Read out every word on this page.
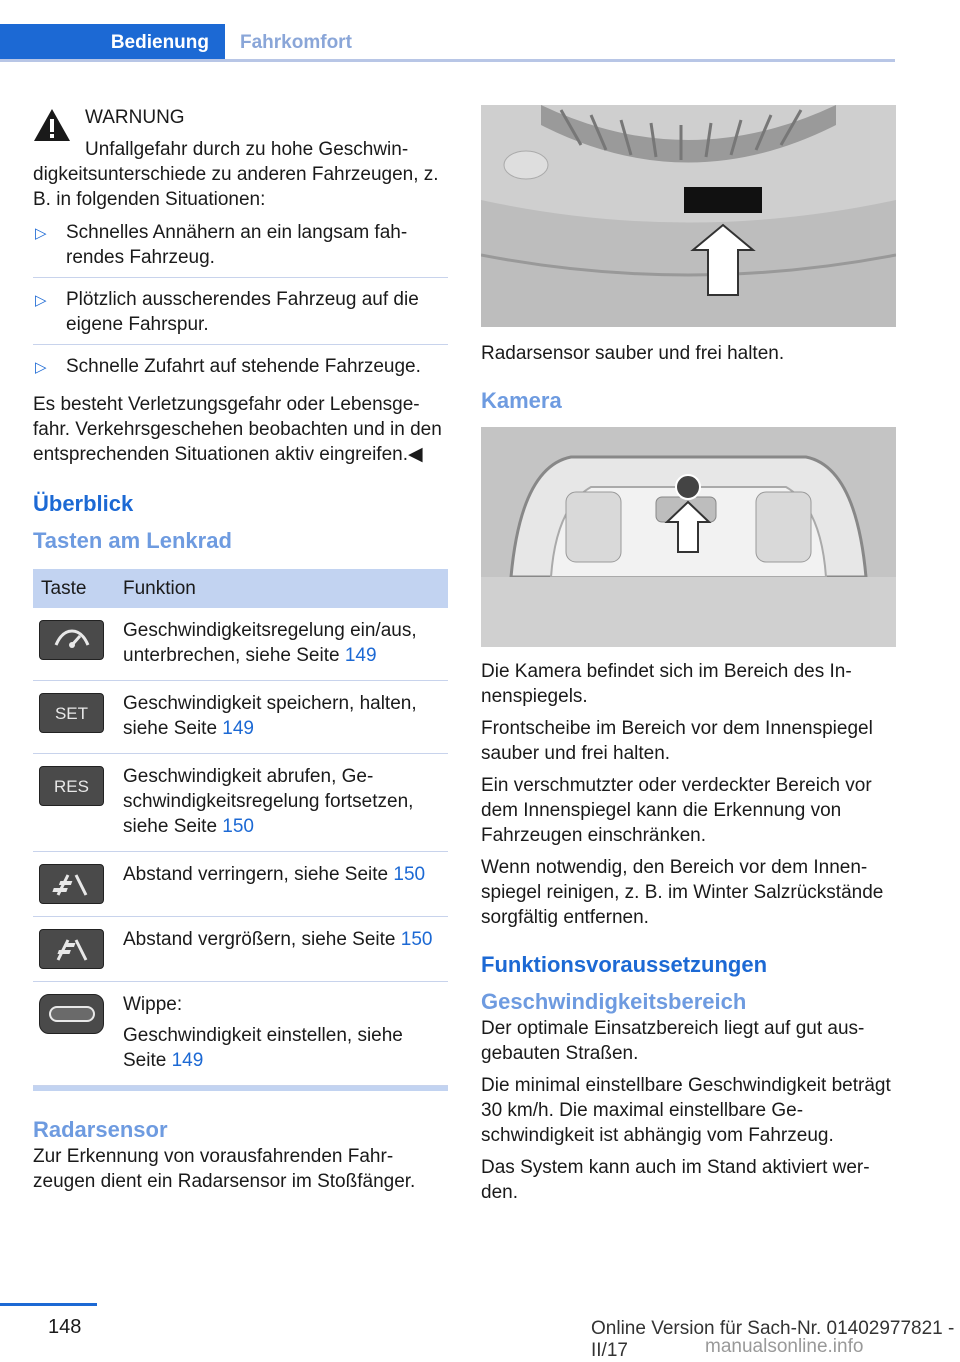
Bedienung	Fahrkomfort

WARNUNG

Unfallgefahr durch zu hohe Geschwindigkeitsunterschiede zu anderen Fahrzeugen, z. B. in folgenden Situationen:

▷ Schnelles Annähern an ein langsam fahrendes Fahrzeug.
▷ Plötzlich ausscherendes Fahrzeug auf die eigene Fahrspur.
▷ Schnelle Zufahrt auf stehende Fahrzeuge.

Es besteht Verletzungsgefahr oder Lebensgefahr. Verkehrsgeschehen beobachten und in den entsprechenden Situationen aktiv eingreifen.◀

Überblick
Tasten am Lenkrad
Taste	Funktion

	Geschwindigkeitsregelung ein/aus, unterbrechen, siehe Seite 149

SET	Geschwindigkeit speichern, halten, siehe Seite 149

RES	Geschwindigkeit abrufen, Geschwindigkeitsregelung fortsetzen, siehe Seite 150

	Abstand verringern, siehe Seite 150

	Abstand vergrößern, siehe Seite 150

Wippe:

Geschwindigkeit einstellen, siehe Seite 149
Radarsensor

Zur Erkennung von vorausfahrenden Fahrzeugen dient ein Radarsensor im Stoßfänger.

Radarsensor sauber und frei halten.

Kamera

Die Kamera befindet sich im Bereich des Innenspiegels.

Frontscheibe im Bereich vor dem Innenspiegel sauber und frei halten.

Ein verschmutzter oder verdeckter Bereich vor dem Innenspiegel kann die Erkennung von Fahrzeugen einschränken.

Wenn notwendig, den Bereich vor dem Innenspiegel reinigen, z. B. im Winter Salzrückstände sorgfältig entfernen.

Funktionsvoraussetzungen
Geschwindigkeitsbereich

Der optimale Einsatzbereich liegt auf gut ausgebauten Straßen.

Die minimal einstellbare Geschwindigkeit beträgt 30 km/h. Die maximal einstellbare Geschwindigkeit ist abhängig vom Fahrzeug.

Das System kann auch im Stand aktiviert werden.

148	Online Version für Sach-Nr. 01402977821 - II/17	manualsonline.info
